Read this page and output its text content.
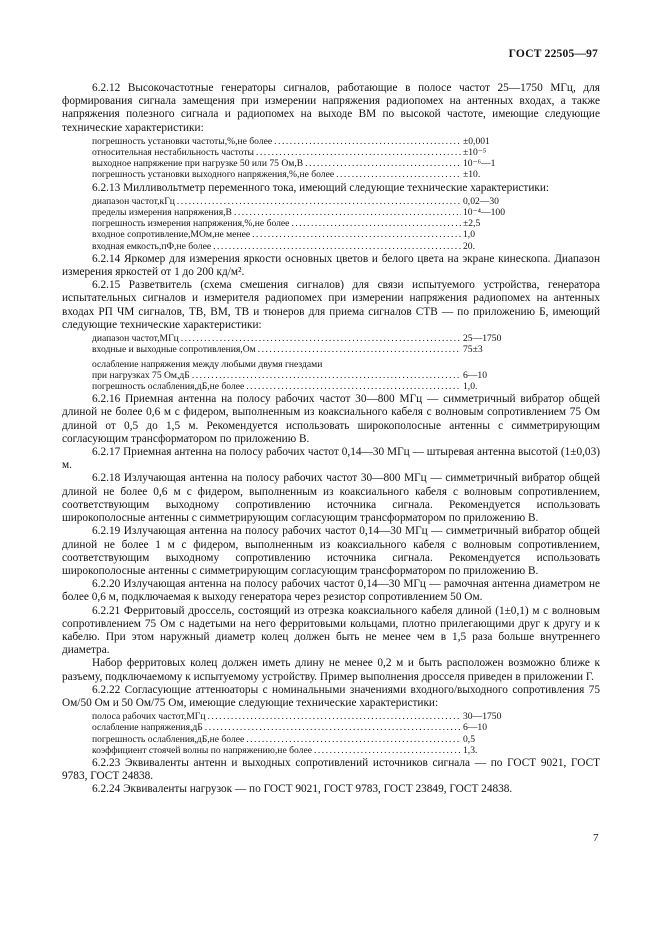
ГОСТ 22505—97

6.2.12 Высокочастотные генераторы сигналов, работающие в полосе частот 25—1750 МГц, для формирования сигнала замещения при измерении напряжения радиопомех на антенных входах, а также напряжения полезного сигнала и радиопомех на выходе ВМ по высокой частоте, имеющие следующие технические характеристики:

погрешность установки частоты,%,не более .....	±0,001
относительная нестабильность частоты .....	±10⁻⁵
выходное напряжение при нагрузке 50 или 75 Ом,В .....	10⁻⁶—1
погрешность установки выходного напряжения,%,не более .....	±10.

6.2.13 Милливольтметр переменного тока, имеющий следующие технические характеристики:

диапазон частот,кГц .....	0,02—30
пределы измерения напряжения,В .....	10⁻⁴—100
погрешность измерения напряжения,%,не более .....	±2,5
входное сопротивление,МОм,не менее .....	1,0
входная емкость,пФ,не более .....	20.

6.2.14 Яркомер для измерения яркости основных цветов и белого цвета на экране кинескопа. Диапазон измерения яркостей от 1 до 200 кд/м².

6.2.15 Разветвитель (схема смешения сигналов) для связи испытуемого устройства, генератора испытательных сигналов и измерителя радиопомех при измерении напряжения радиопомех на антенных входах РП ЧМ сигналов, ТВ, ВМ, ТВ и тюнеров для приема сигналов СТВ — по приложению Б, имеющий следующие технические характеристики:

диапазон частот,МГц .....	25—1750
входные и выходные сопротивления,Ом .....	75±3
ослабление напряжения между любыми двумя гнездами
при нагрузках 75 Ом,дБ .....	6—10
погрешность ослабления,дБ,не более .....	1,0.

6.2.16 Приемная антенна на полосу рабочих частот 30—800 МГц — симметричный вибратор общей длиной не более 0,6 м с фидером, выполненным из коаксиального кабеля с волновым сопротивлением 75 Ом длиной от 0,5 до 1,5 м. Рекомендуется использовать широкополосные антенны с симметрирующим согласующим трансформатором по приложению В.

6.2.17 Приемная антенна на полосу рабочих частот 0,14—30 МГц — штыревая антенна высотой (1±0,03) м.

6.2.18 Излучающая антенна на полосу рабочих частот 30—800 МГц — симметричный вибратор общей длиной не более 0,6 м с фидером, выполненным из коаксиального кабеля с волновым сопротивлением, соответствующим выходному сопротивлению источника сигнала. Рекомендуется использовать широкополосные антенны с симметрирующим согласующим трансформатором по приложению В.

6.2.19 Излучающая антенна на полосу рабочих частот 0,14—30 МГц — симметричный вибратор общей длиной не более 1 м с фидером, выполненным из коаксиального кабеля с волновым сопротивлением, соответствующим выходному сопротивлению источника сигнала. Рекомендуется использовать широкополосные антенны с симметрирующим согласующим трансформатором по приложению В.

6.2.20 Излучающая антенна на полосу рабочих частот 0,14—30 МГц — рамочная антенна диаметром не более 0,6 м, подключаемая к выходу генератора через резистор сопротивлением 50 Ом.

6.2.21 Ферритовый дроссель, состоящий из отрезка коаксиального кабеля длиной (1±0,1) м с волновым сопротивлением 75 Ом с надетыми на него ферритовыми кольцами, плотно прилегающими друг к другу и к кабелю. При этом наружный диаметр колец должен быть не менее чем в 1,5 раза больше внутреннего диаметра.

Набор ферритовых колец должен иметь длину не менее 0,2 м и быть расположен возможно ближе к разъему, подключаемому к испытуемому устройству. Пример выполнения дросселя приведен в приложении Г.

6.2.22 Согласующие аттенюаторы с номинальными значениями входного/выходного сопротивления 75 Ом/50 Ом и 50 Ом/75 Ом, имеющие следующие технические характеристики:

полоса рабочих частот,МГц .....	30—1750
ослабление напряжения,дБ .....	6—10
погрешность ослабления,дБ,не более .....	0,5
коэффициент стоячей волны по напряжению,не более .....	1,3.

6.2.23 Эквиваленты антенн и выходных сопротивлений источников сигнала — по ГОСТ 9021, ГОСТ 9783, ГОСТ 24838.

6.2.24 Эквиваленты нагрузок — по ГОСТ 9021, ГОСТ 9783, ГОСТ 23849, ГОСТ 24838.

7
